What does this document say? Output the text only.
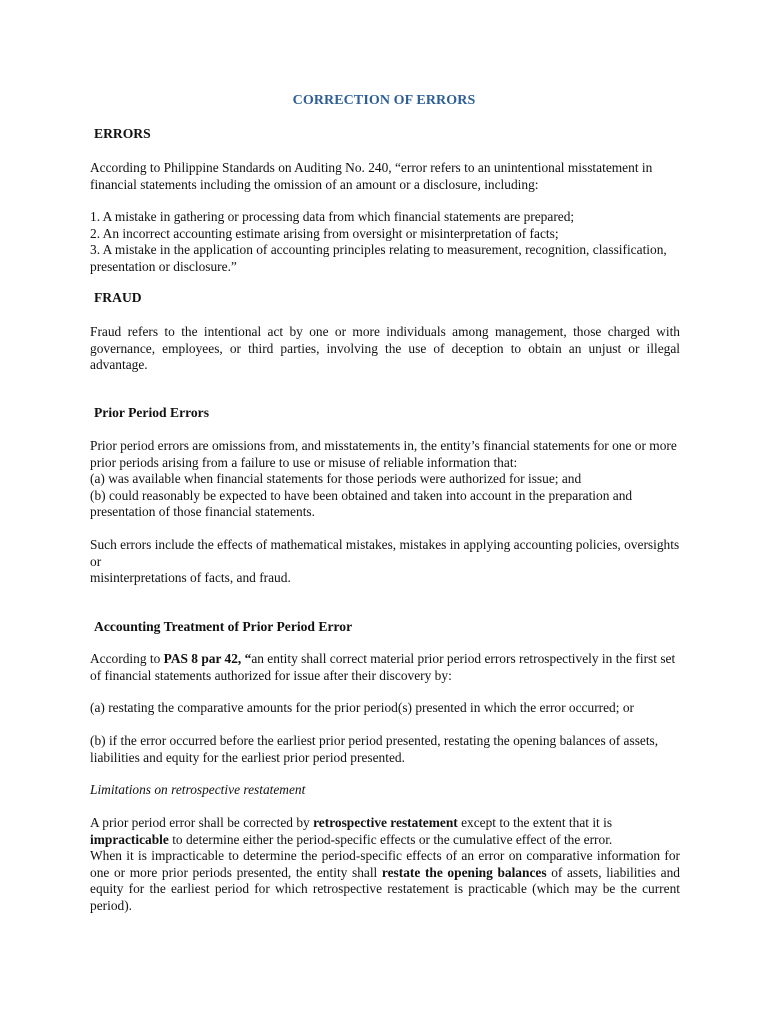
CORRECTION OF ERRORS
ERRORS

According to Philippine Standards on Auditing No. 240, “error refers to an unintentional misstatement in financial statements including the omission of an amount or a disclosure, including:

1. A mistake in gathering or processing data from which financial statements are prepared;

2. An incorrect accounting estimate arising from oversight or misinterpretation of facts;

3. A mistake in the application of accounting principles relating to measurement, recognition, classification, presentation or disclosure.”

FRAUD

Fraud refers to the intentional act by one or more individuals among management, those charged with governance, employees, or third parties, involving the use of deception to obtain an unjust or illegal advantage.

Prior Period Errors

Prior period errors are omissions from, and misstatements in, the entity’s financial statements for one or more prior periods arising from a failure to use or misuse of reliable information that:

(a) was available when financial statements for those periods were authorized for issue; and

(b) could reasonably be expected to have been obtained and taken into account in the preparation and presentation of those financial statements.

Such errors include the effects of mathematical mistakes, mistakes in applying accounting policies, oversights or

misinterpretations of facts, and fraud.

Accounting Treatment of Prior Period Error

According to PAS 8 par 42, “an entity shall correct material prior period errors retrospectively in the first set of financial statements authorized for issue after their discovery by:

(a) restating the comparative amounts for the prior period(s) presented in which the error occurred; or

(b) if the error occurred before the earliest prior period presented, restating the opening balances of assets, liabilities and equity for the earliest prior period presented.

Limitations on retrospective restatement

A prior period error shall be corrected by retrospective restatement except to the extent that it is impracticable to determine either the period-specific effects or the cumulative effect of the error.

When it is impracticable to determine the period-specific effects of an error on comparative information for one or more prior periods presented, the entity shall restate the opening balances of assets, liabilities and equity for the earliest period for which retrospective restatement is practicable (which may be the current period).
